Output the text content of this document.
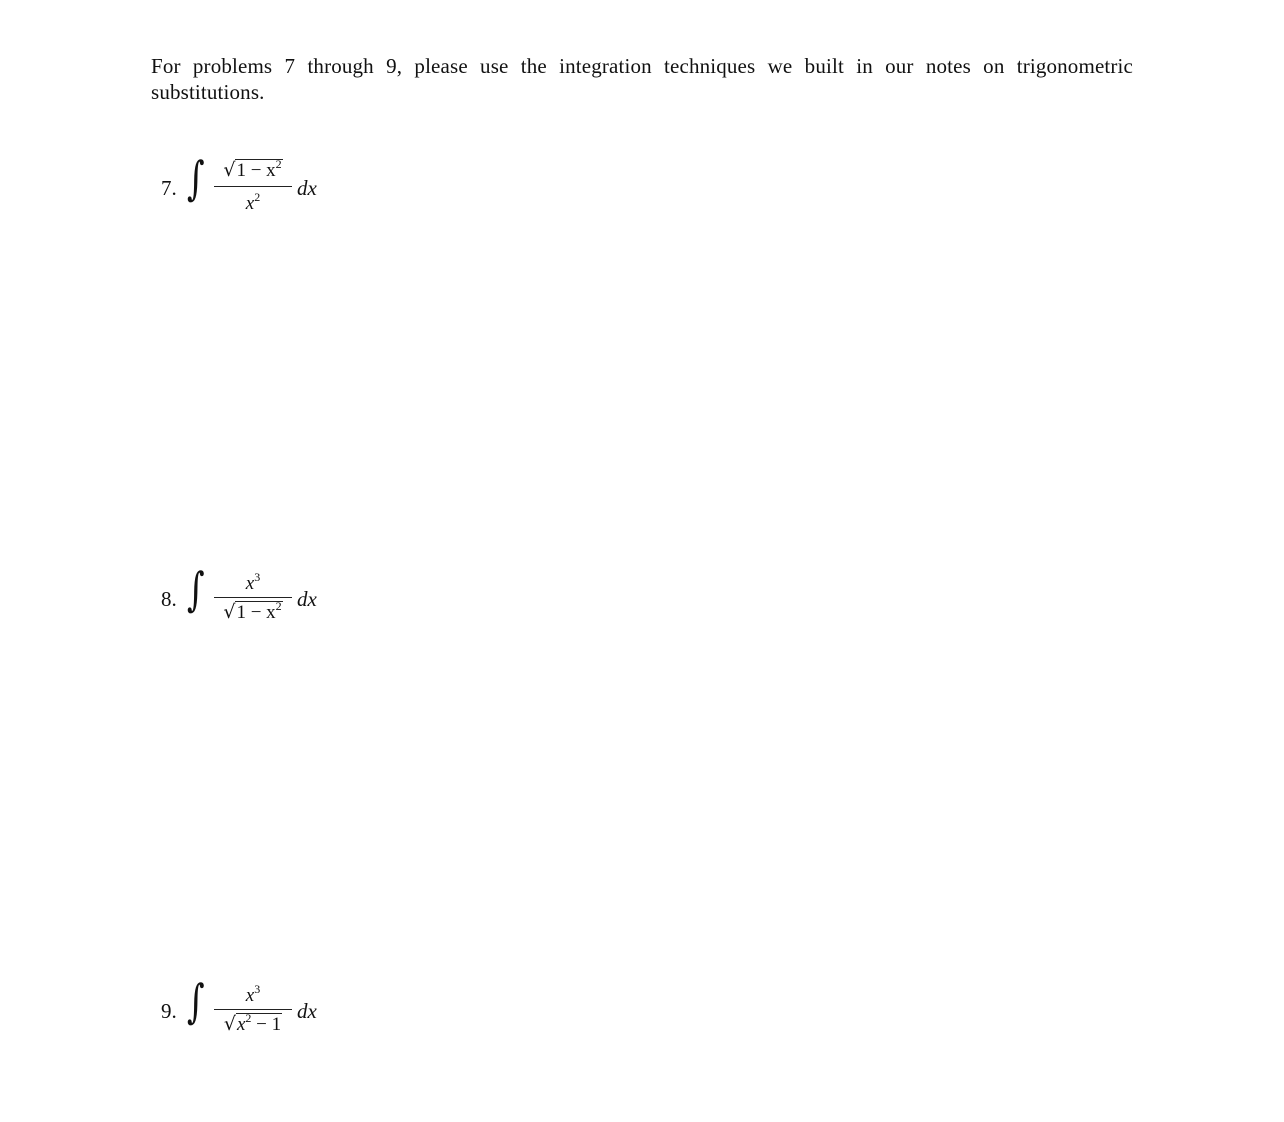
For problems 7 through 9, please use the integration techniques we built in our notes on trigonometric substitutions.
7. ∫ $√1 - x^2$
$x^2$	dx
8. ∫	$x^3$
$√1 - x^2$ dx
9. ∫	$x^3$
$√x^2 - 1$
dx
